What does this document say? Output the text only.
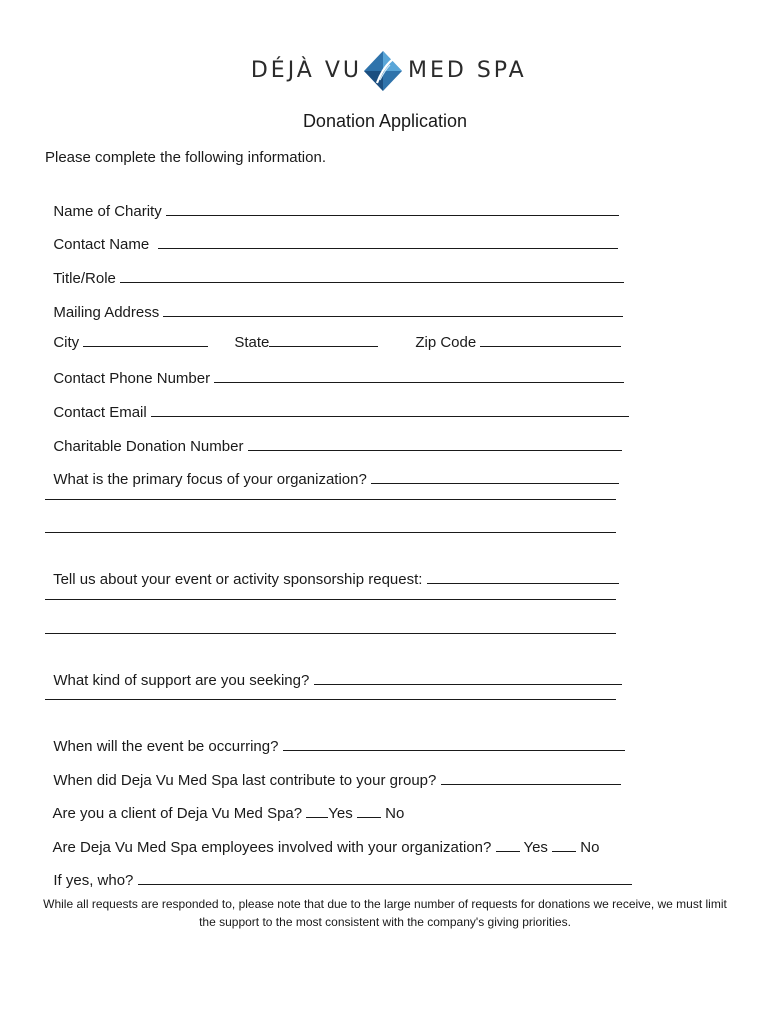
DÉJÀ VU MED SPA
Donation Application
Please complete the following information.

Name of Charity

Contact Name

Title/Role

Mailing Address

City	State	Zip Code

Contact Phone Number

Contact Email

Charitable Donation Number

What is the primary focus of your organization?

Tell us about your event or activity sponsorship request:

What kind of support are you seeking?

When will the event be occurring?

When did Deja Vu Med Spa last contribute to your group?

Are you a client of Deja Vu Med Spa? Yes No

Are Deja Vu Med Spa employees involved with your organization? Yes No

If yes, who?

While all requests are responded to, please note that due to the large number of requests for donations we receive, we must limit the support to the most consistent with the company's giving priorities.
